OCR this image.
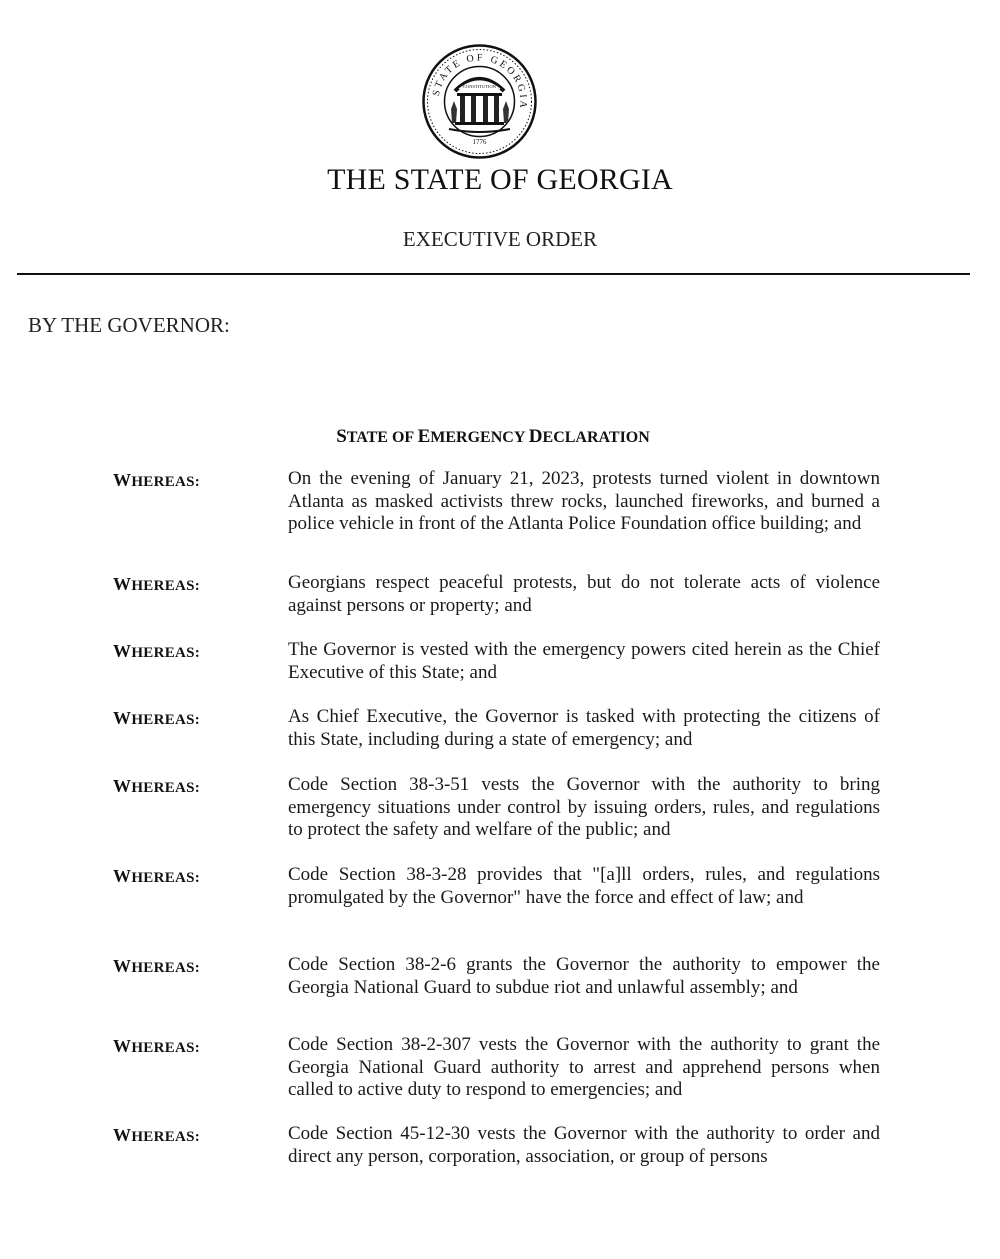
STATE OF GEORGIA
CONSTITUTION
1776
THE STATE OF GEORGIA
EXECUTIVE ORDER
BY THE GOVERNOR:
STATE OF EMERGENCY DECLARATION
WHEREAS:	On the evening of January 21, 2023, protests turned violent in downtown Atlanta as masked activists threw rocks, launched fireworks, and burned a police vehicle in front of the Atlanta Police Foundation office building; and
WHEREAS:	Georgians respect peaceful protests, but do not tolerate acts of violence against persons or property; and
WHEREAS:	The Governor is vested with the emergency powers cited herein as the Chief Executive of this State; and
WHEREAS:	As Chief Executive, the Governor is tasked with protecting the citizens of this State, including during a state of emergency; and
WHEREAS:	Code Section 38-3-51 vests the Governor with the authority to bring emergency situations under control by issuing orders, rules, and regulations to protect the safety and welfare of the public; and
WHEREAS:	Code Section 38-3-28 provides that "[a]ll orders, rules, and regulations promulgated by the Governor" have the force and effect of law; and
WHEREAS:	Code Section 38-2-6 grants the Governor the authority to empower the Georgia National Guard to subdue riot and unlawful assembly; and
WHEREAS:	Code Section 38-2-307 vests the Governor with the authority to grant the Georgia National Guard authority to arrest and apprehend persons when called to active duty to respond to emergencies; and
WHEREAS:	Code Section 45-12-30 vests the Governor with the authority to order and direct any person, corporation, association, or group of persons
